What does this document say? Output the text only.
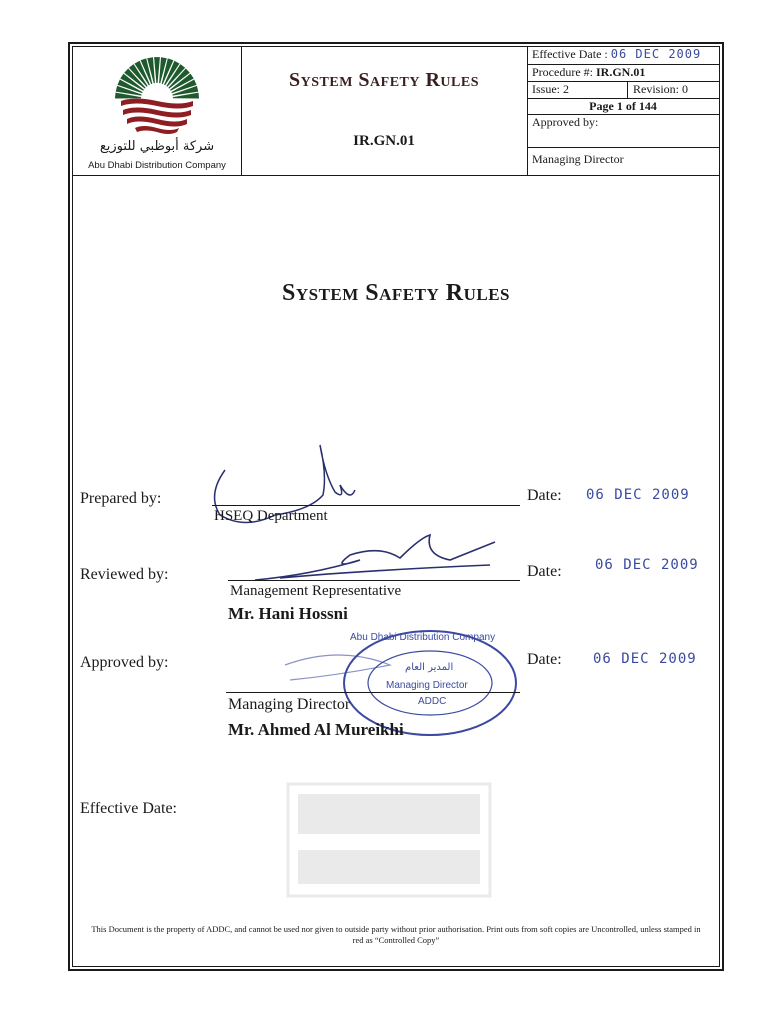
شركة أبوظبي للتوزيع
Abu Dhabi Distribution Company
System Safety Rules
IR.GN.01
Effective Date : 06 DEC 2009
Procedure #: IR.GN.01
Issue: 2	Revision: 0
Page 1 of 144
Approved by:
Managing Director
System Safety Rules
Prepared by:
HSEQ Department
Date: 06 DEC 2009
Reviewed by:
Management Representative
Mr. Hani Hossni
Date: 06 DEC 2009
Approved by:
Abu Dhabi Distribution Company
المدير العام
Managing Director
ADDC
Managing Director
Mr. Ahmed Al Mureikhi
Date: 06 DEC 2009
Effective Date:
This Document is the property of ADDC, and cannot be used nor given to outside party without prior authorisation. Print outs from soft copies are Uncontrolled, unless stamped in red as “Controlled Copy”
